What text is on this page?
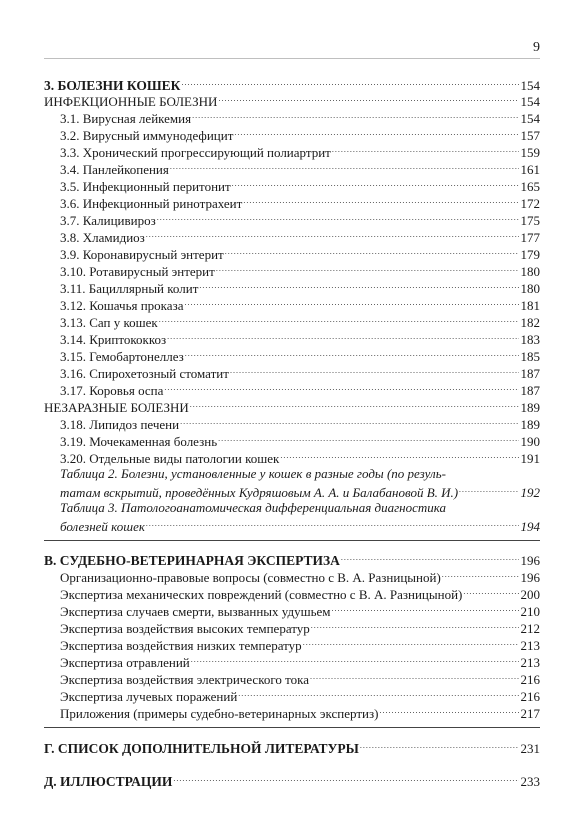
9
3. БОЛЕЗНИ КОШЕК .....	154
ИНФЕКЦИОННЫЕ БОЛЕЗНИ .....	154
3.1. Вирусная лейкемия .....	154
3.2. Вирусный иммунодефицит .....	157
3.3. Хронический прогрессирующий полиартрит .....	159
3.4. Панлейкопения .....	161
3.5. Инфекционный перитонит .....	165
3.6. Инфекционный ринотрахеит .....	172
3.7. Калицивироз .....	175
3.8. Хламидиоз .....	177
3.9. Коронавирусный энтерит .....	179
3.10. Ротавирусный энтерит .....	180
3.11. Бациллярный колит .....	180
3.12. Кошачья проказа .....	181
3.13. Сап у кошек .....	182
3.14. Криптококкоз .....	183
3.15. Гемобартонеллез .....	185
3.16. Спирохетозный стоматит .....	187
3.17. Коровья оспа .....	187
НЕЗАРАЗНЫЕ БОЛЕЗНИ .....	189
3.18. Липидоз печени .....	189
3.19. Мочекаменная болезнь .....	190
3.20. Отдельные виды патологии кошек .....	191
Таблица 2. Болезни, установленные у кошек в разные годы (по резуль-
татам вскрытий, проведённых Кудряшовым А. А. и Балабановой В. И.) .....	192
Таблица 3. Патологоанатомическая дифференциальная диагностика
болезней кошек .....	194
В. СУДЕБНО-ВЕТЕРИНАРНАЯ ЭКСПЕРТИЗА .....	196
Организационно-правовые вопросы (совместно с В. А. Разницыной) .....	196
Экспертиза механических повреждений (совместно с В. А. Разницыной) .....	200
Экспертиза случаев смерти, вызванных удушьем .....	210
Экспертиза воздействия высоких температур .....	212
Экспертиза воздействия низких температур .....	213
Экспертиза отравлений .....	213
Экспертиза воздействия электрического тока .....	216
Экспертиза лучевых поражений .....	216
Приложения (примеры судебно-ветеринарных экспертиз) .....	217
Г. СПИСОК ДОПОЛНИТЕЛЬНОЙ ЛИТЕРАТУРЫ .....	231
Д. ИЛЛЮСТРАЦИИ .....	233
